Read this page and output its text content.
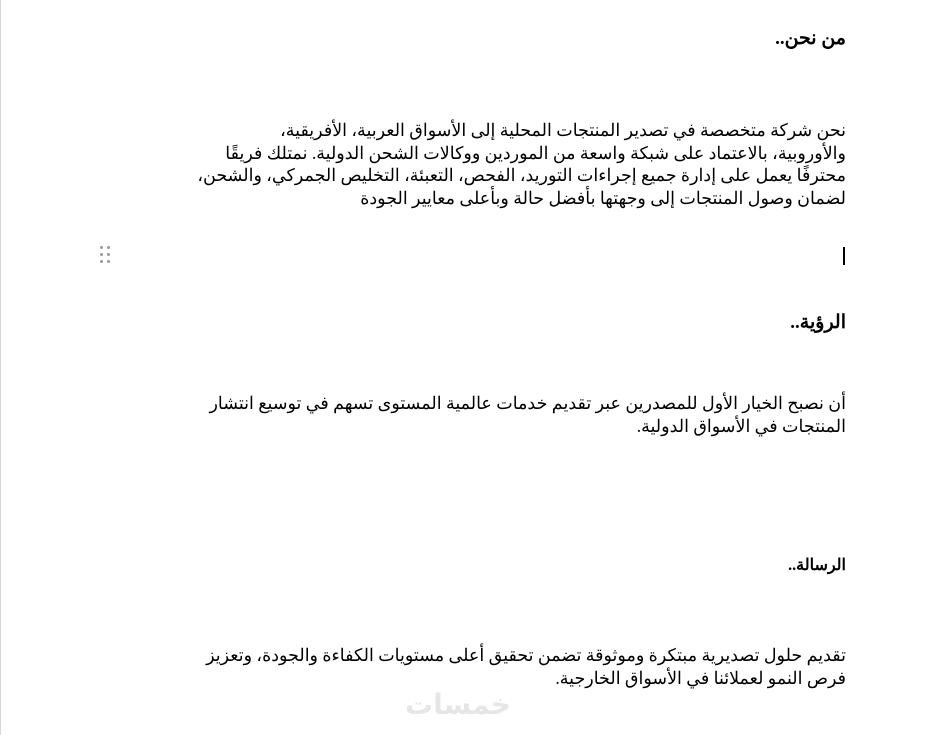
من نحن..
نحن شركة متخصصة في تصدير المنتجات المحلية إلى الأسواق العربية، الأفريقية،
والأوروبية، بالاعتماد على شبكة واسعة من الموردين ووكالات الشحن الدولية. نمتلك فريقًا
محترفًا يعمل على إدارة جميع إجراءات التوريد، الفحص، التعبئة، التخليص الجمركي، والشحن،
لضمان وصول المنتجات إلى وجهتها بأفضل حالة وبأعلى معايير الجودة
الرؤية..
أن نصبح الخيار الأول للمصدرين عبر تقديم خدمات عالمية المستوى تسهم في توسيع انتشار
المنتجات في الأسواق الدولية.
الرسالة..
تقديم حلول تصديرية مبتكرة وموثوقة تضمن تحقيق أعلى مستويات الكفاءة والجودة، وتعزيز
فرص النمو لعملائنا في الأسواق الخارجية.
خمسات
